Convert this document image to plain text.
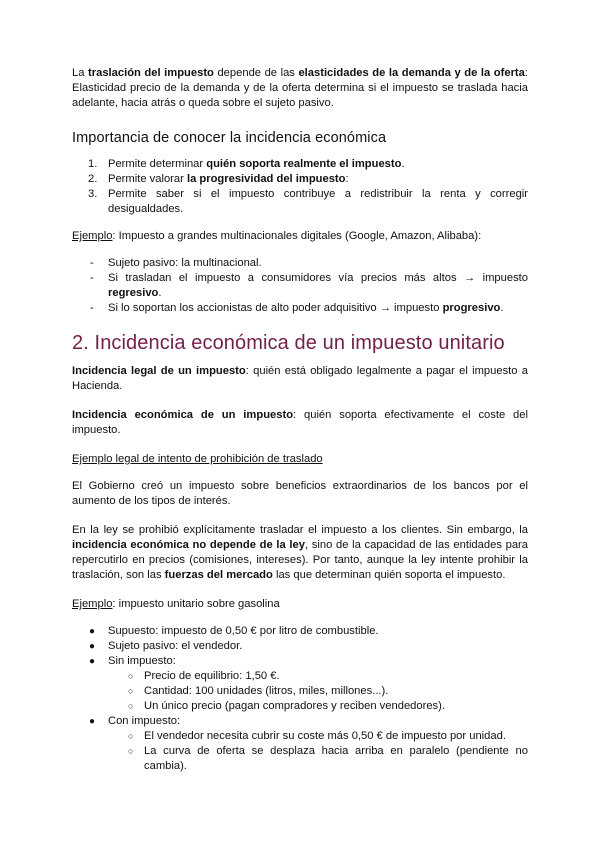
La traslación del impuesto depende de las elasticidades de la demanda y de la oferta: Elasticidad precio de la demanda y de la oferta determina si el impuesto se traslada hacia adelante, hacia atrás o queda sobre el sujeto pasivo.

Importancia de conocer la incidencia económica
1. Permite determinar quién soporta realmente el impuesto.
2. Permite valorar la progresividad del impuesto:
3. Permite saber si el impuesto contribuye a redistribuir la renta y corregir desigualdades.

Ejemplo: Impuesto a grandes multinacionales digitales (Google, Amazon, Alibaba):

- Sujeto pasivo: la multinacional.
- Si trasladan el impuesto a consumidores vía precios más altos → impuesto regresivo.
- Si lo soportan los accionistas de alto poder adquisitivo → impuesto progresivo.
2. Incidencia económica de un impuesto unitario

Incidencia legal de un impuesto: quién está obligado legalmente a pagar el impuesto a Hacienda.

Incidencia económica de un impuesto: quién soporta efectivamente el coste del impuesto.

Ejemplo legal de intento de prohibición de traslado

El Gobierno creó un impuesto sobre beneficios extraordinarios de los bancos por el aumento de los tipos de interés.

En la ley se prohibió explícitamente trasladar el impuesto a los clientes. Sin embargo, la incidencia económica no depende de la ley, sino de la capacidad de las entidades para repercutirlo en precios (comisiones, intereses). Por tanto, aunque la ley intente prohibir la traslación, son las fuerzas del mercado las que determinan quién soporta el impuesto.

Ejemplo: impuesto unitario sobre gasolina

● Supuesto: impuesto de 0,50 € por litro de combustible.
● Sujeto pasivo: el vendedor.
● Sin impuesto:
○ Precio de equilibrio: 1,50 €.
○ Cantidad: 100 unidades (litros, miles, millones...).
○ Un único precio (pagan compradores y reciben vendedores).
● Con impuesto:
○ El vendedor necesita cubrir su coste más 0,50 € de impuesto por unidad.
○ La curva de oferta se desplaza hacia arriba en paralelo (pendiente no cambia).
